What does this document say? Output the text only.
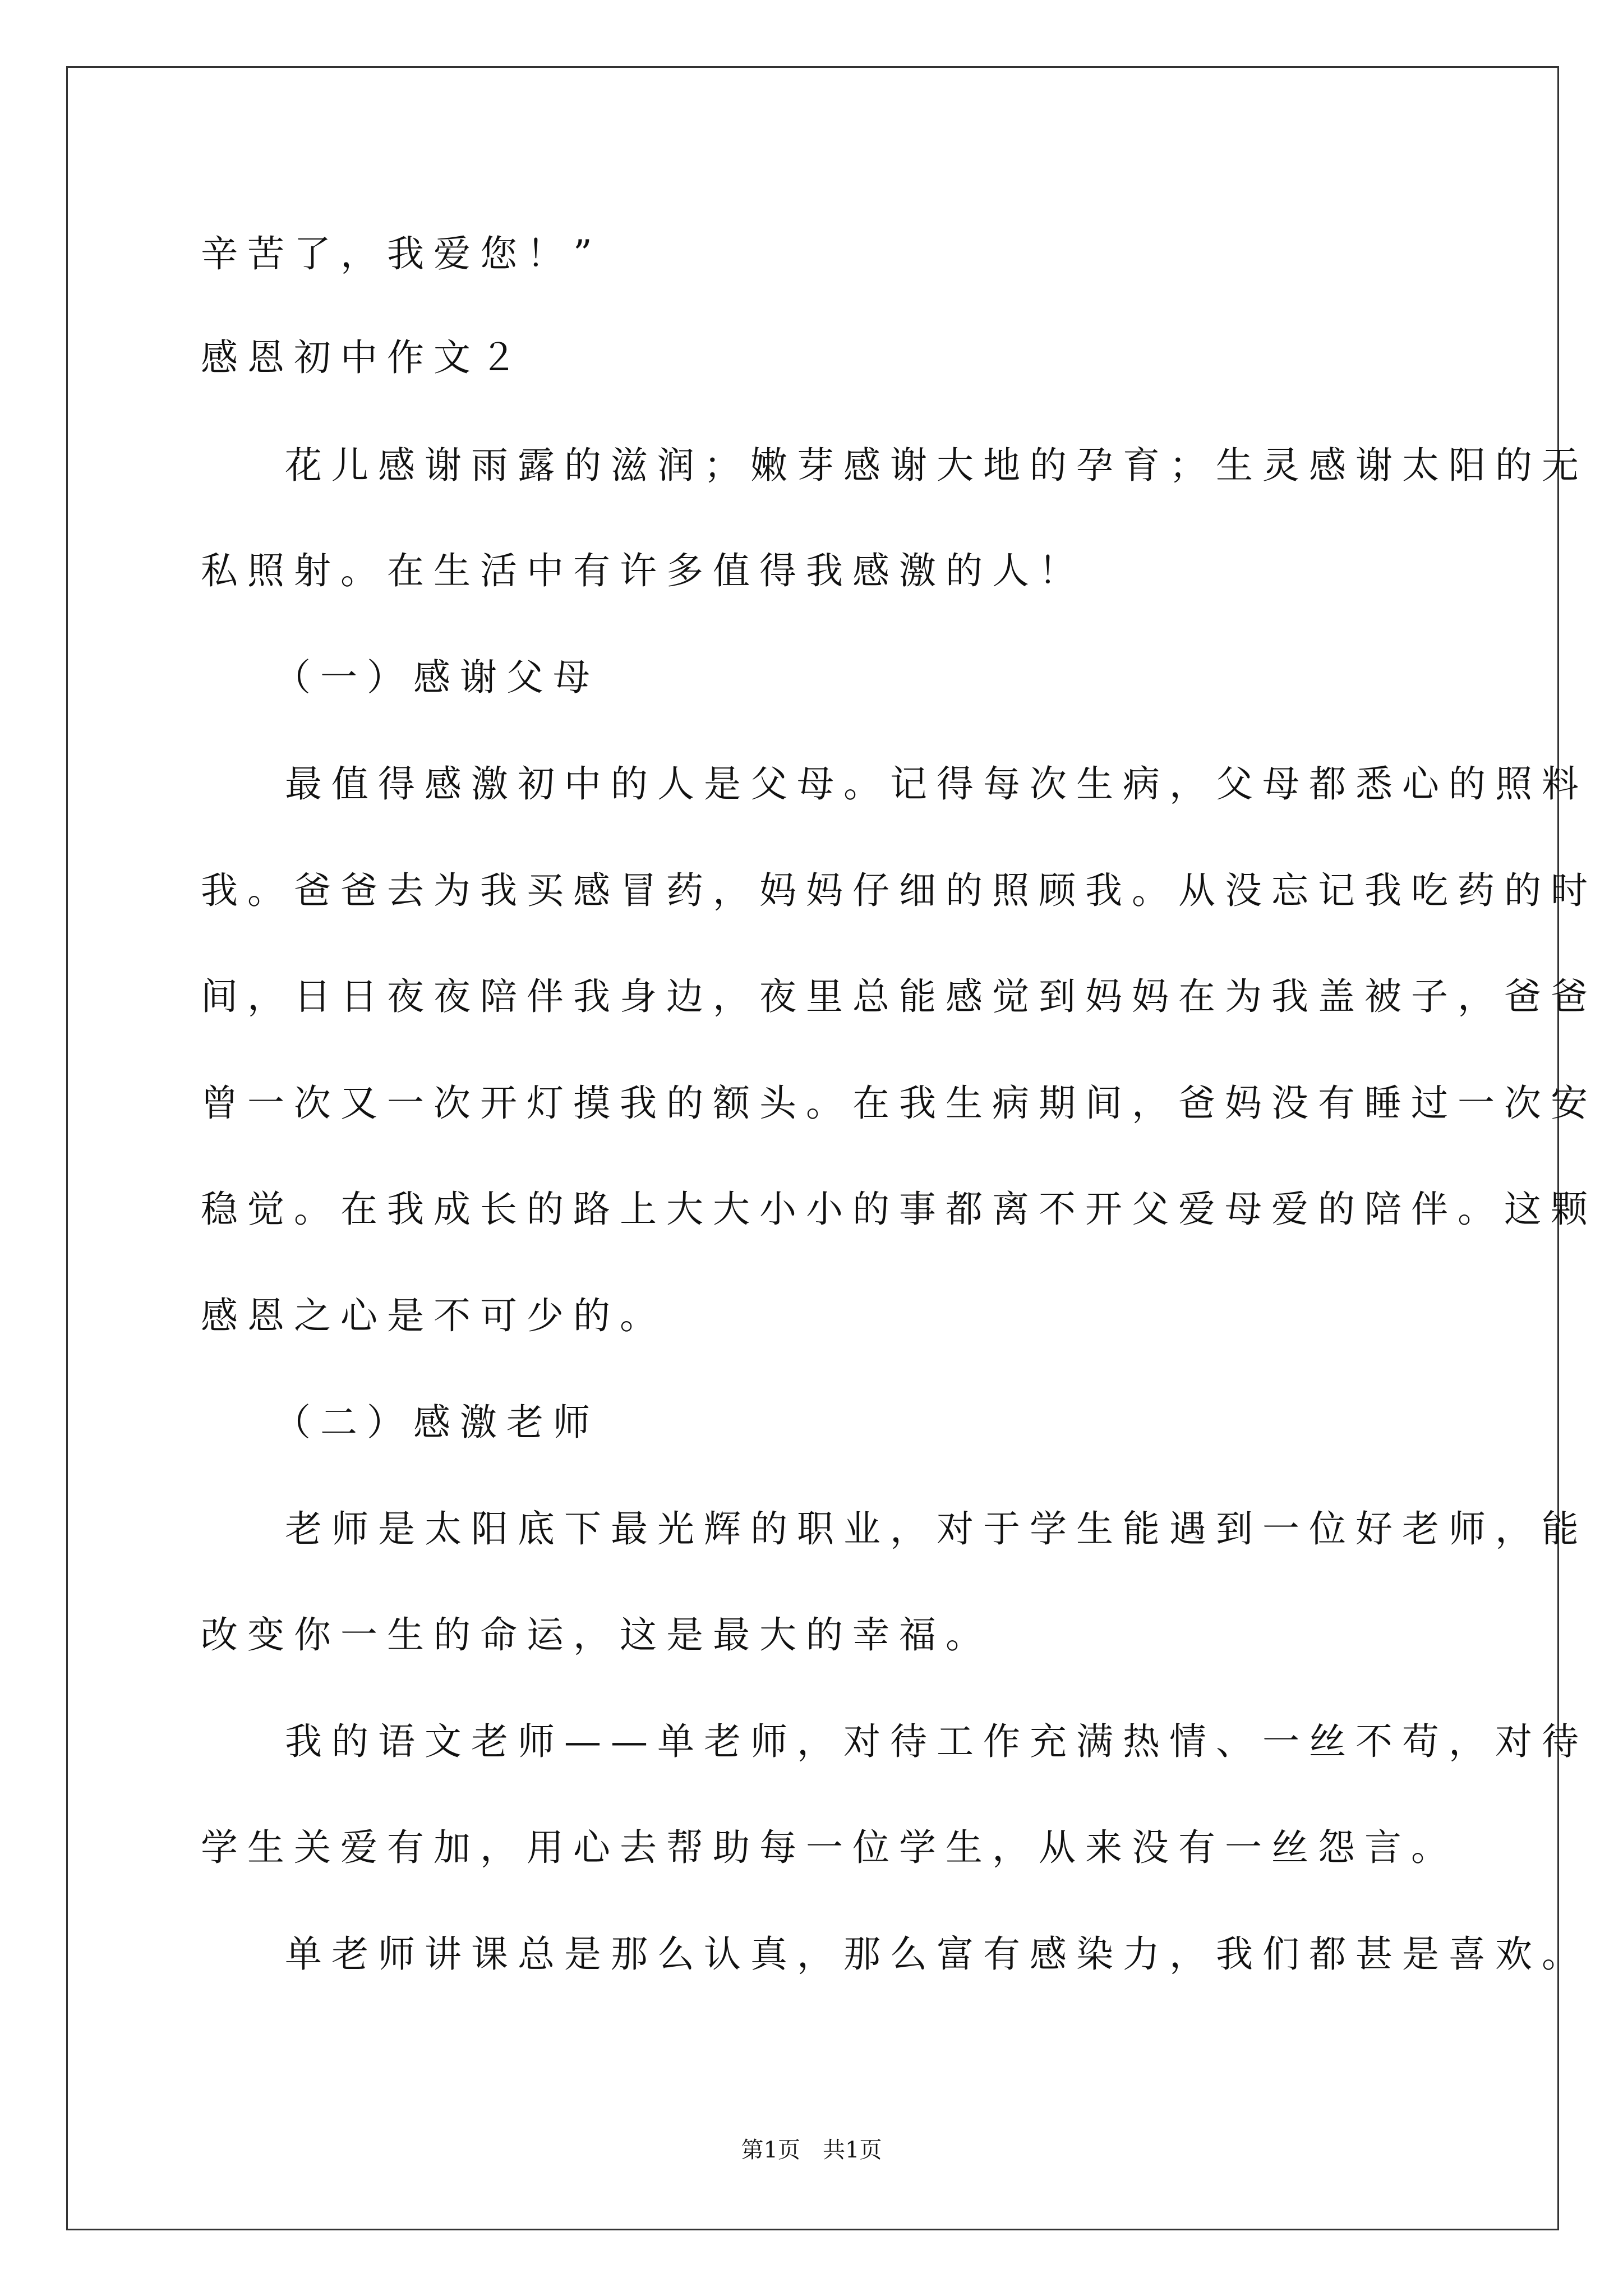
辛苦了，我爱您！”
感恩初中作文２
花儿感谢雨露的滋润；嫩芽感谢大地的孕育；生灵感谢太阳的无
私照射。在生活中有许多值得我感激的人！
（一）感谢父母
最值得感激初中的人是父母。记得每次生病，父母都悉心的照料
我。爸爸去为我买感冒药，妈妈仔细的照顾我。从没忘记我吃药的时
间，日日夜夜陪伴我身边，夜里总能感觉到妈妈在为我盖被子，爸爸
曾一次又一次开灯摸我的额头。在我生病期间，爸妈没有睡过一次安
稳觉。在我成长的路上大大小小的事都离不开父爱母爱的陪伴。这颗
感恩之心是不可少的。
（二）感激老师
老师是太阳底下最光辉的职业，对于学生能遇到一位好老师，能
改变你一生的命运，这是最大的幸福。
我的语文老师——单老师，对待工作充满热情、一丝不苟，对待
学生关爱有加，用心去帮助每一位学生，从来没有一丝怨言。
单老师讲课总是那么认真，那么富有感染力，我们都甚是喜欢。
第1页　共1页
